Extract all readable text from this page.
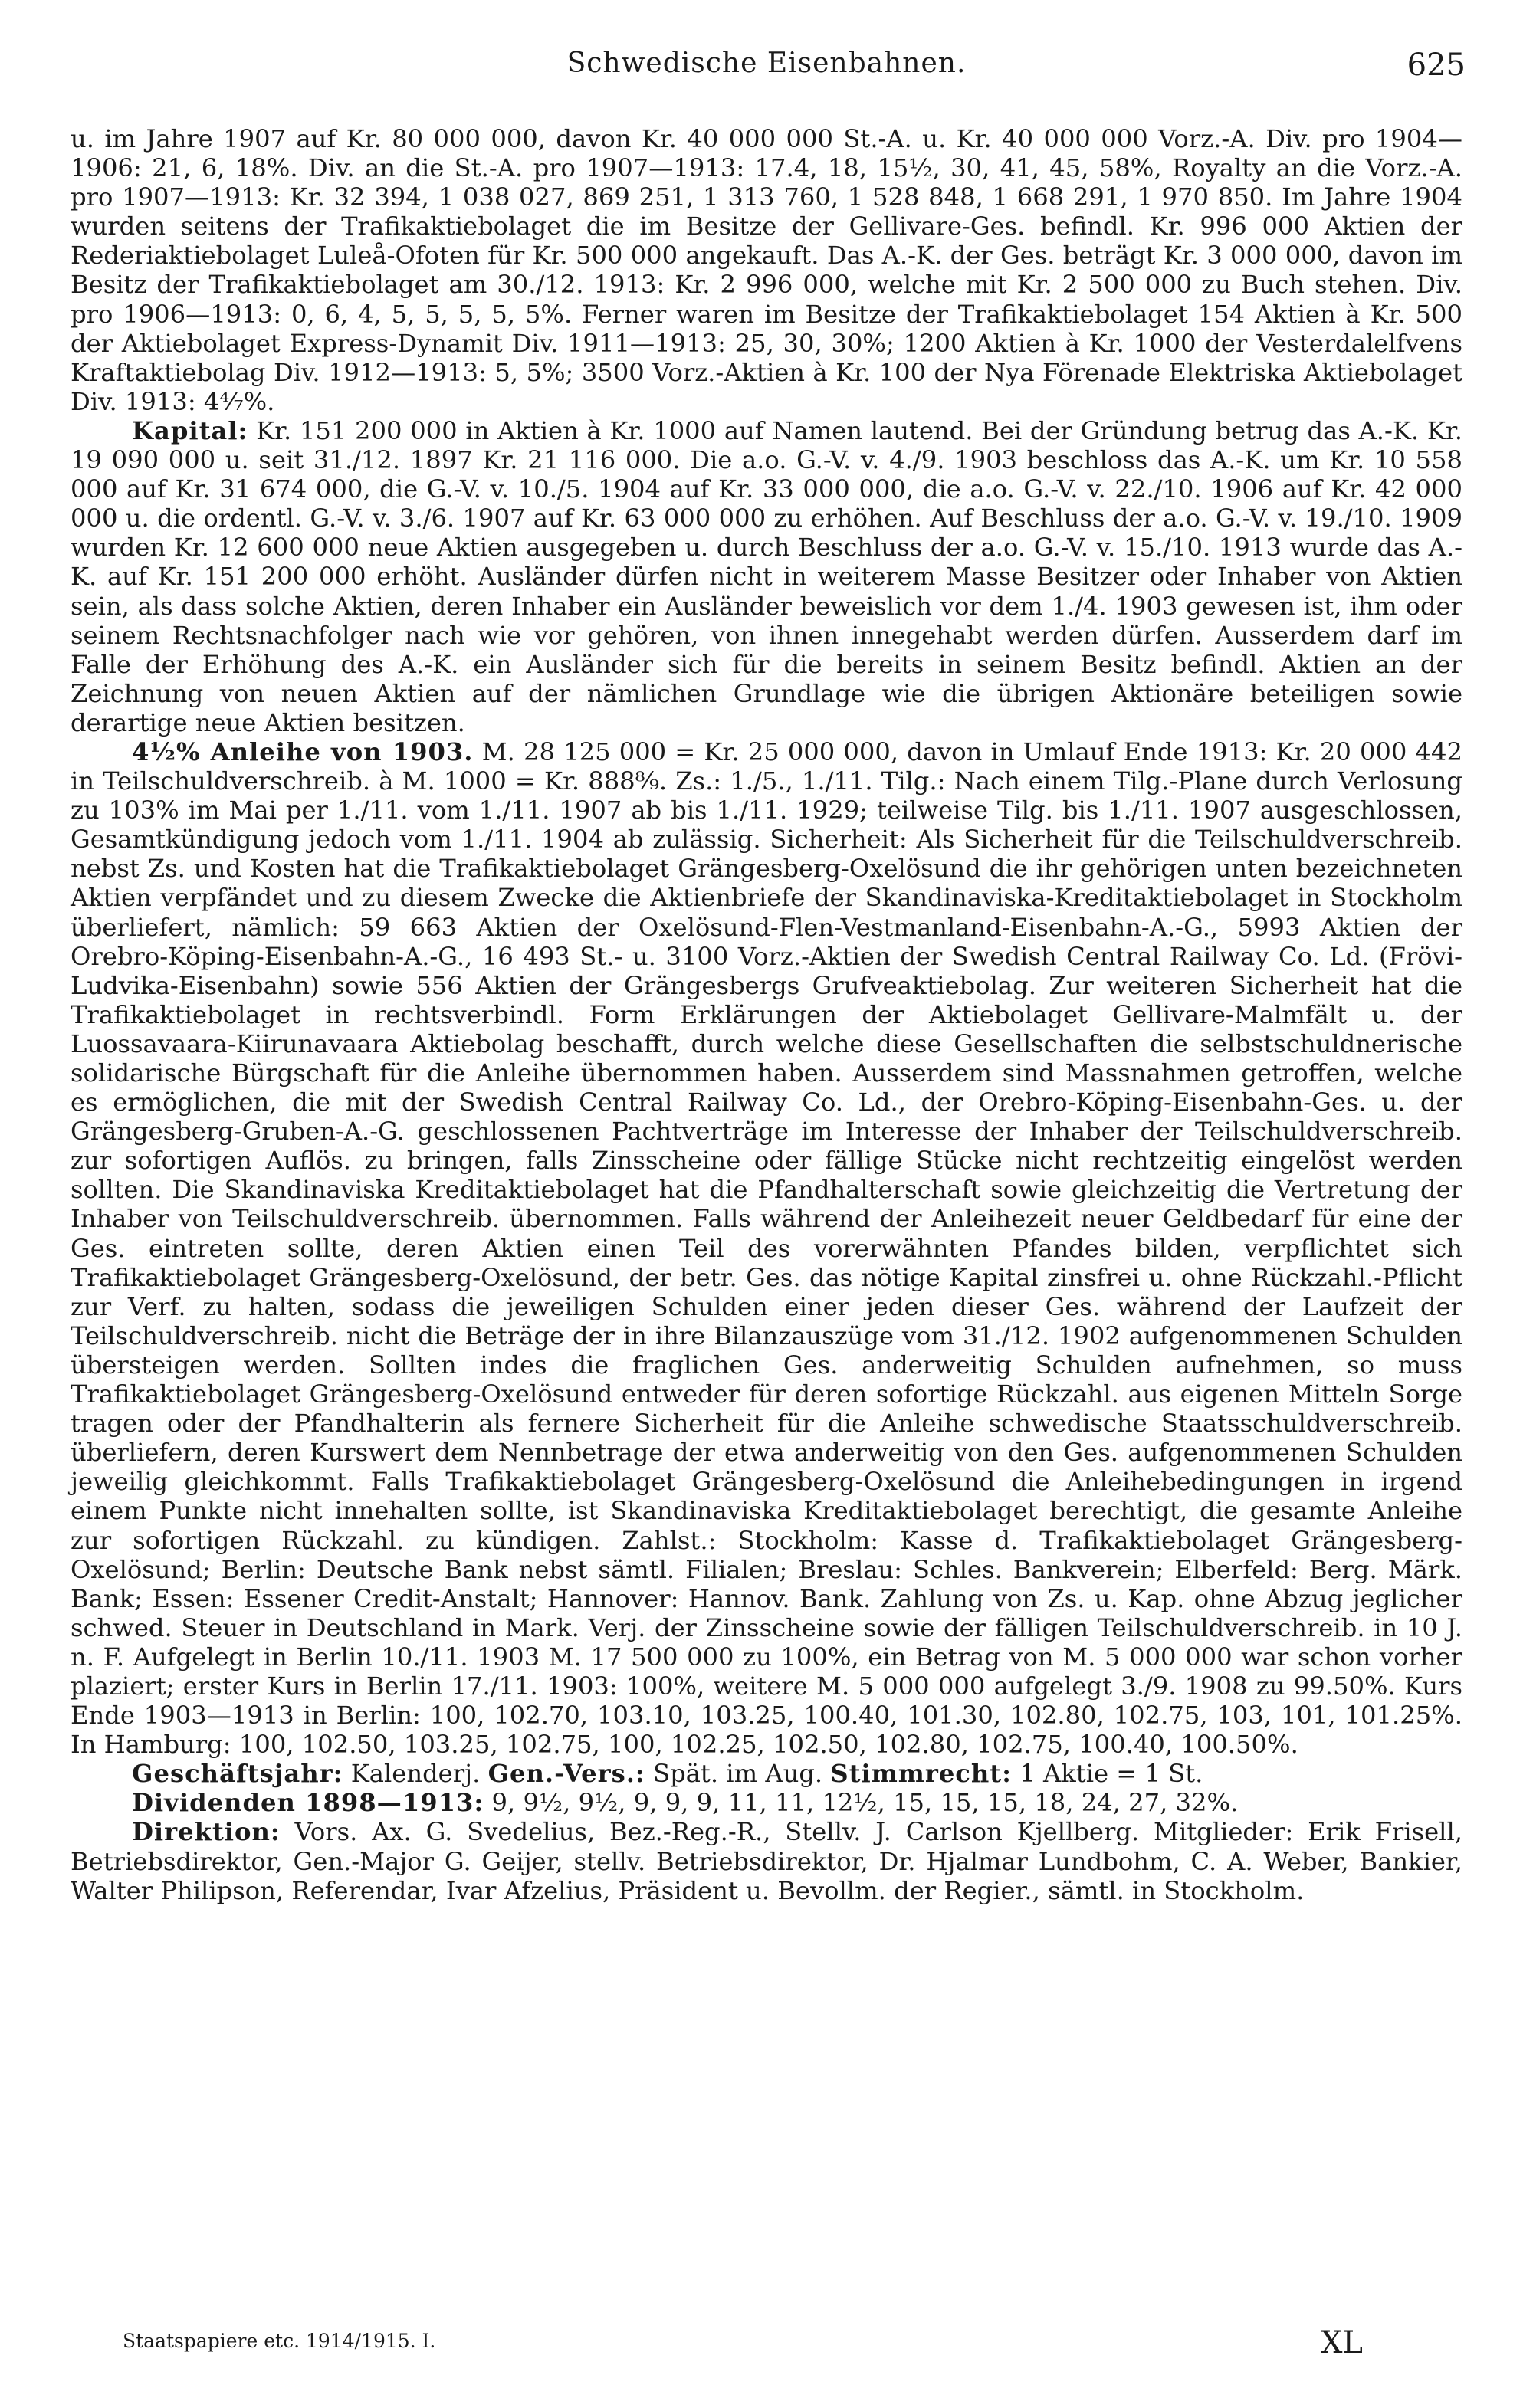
Schwedische Eisenbahnen.	625

u. im Jahre 1907 auf Kr. 80 000 000, davon Kr. 40 000 000 St.-A. u. Kr. 40 000 000 Vorz.-A. Div. pro 1904—1906: 21, 6, 18%. Div. an die St.-A. pro 1907—1913: 17.4, 18, 15½, 30, 41, 45, 58%, Royalty an die Vorz.-A. pro 1907—1913: Kr. 32 394, 1 038 027, 869 251, 1 313 760, 1 528 848, 1 668 291, 1 970 850. Im Jahre 1904 wurden seitens der Trafikaktiebolaget die im Besitze der Gellivare-Ges. befindl. Kr. 996 000 Aktien der Rederiaktiebolaget Luleå-Ofoten für Kr. 500 000 angekauft. Das A.-K. der Ges. beträgt Kr. 3 000 000, davon im Besitz der Trafikaktiebolaget am 30./12. 1913: Kr. 2 996 000, welche mit Kr. 2 500 000 zu Buch stehen. Div. pro 1906—1913: 0, 6, 4, 5, 5, 5, 5, 5%. Ferner waren im Besitze der Trafikaktiebolaget 154 Aktien à Kr. 500 der Aktiebolaget Express-Dynamit Div. 1911—1913: 25, 30, 30%; 1200 Aktien à Kr. 1000 der Vesterdalelfvens Kraftaktiebolag Div. 1912—1913: 5, 5%; 3500 Vorz.-Aktien à Kr. 100 der Nya Förenade Elektriska Aktiebolaget Div. 1913: 4⁴⁄₇%.

Kapital: Kr. 151 200 000 in Aktien à Kr. 1000 auf Namen lautend. Bei der Gründung betrug das A.-K. Kr. 19 090 000 u. seit 31./12. 1897 Kr. 21 116 000. Die a.o. G.-V. v. 4./9. 1903 beschloss das A.-K. um Kr. 10 558 000 auf Kr. 31 674 000, die G.-V. v. 10./5. 1904 auf Kr. 33 000 000, die a.o. G.-V. v. 22./10. 1906 auf Kr. 42 000 000 u. die ordentl. G.-V. v. 3./6. 1907 auf Kr. 63 000 000 zu erhöhen. Auf Beschluss der a.o. G.-V. v. 19./10. 1909 wurden Kr. 12 600 000 neue Aktien ausgegeben u. durch Beschluss der a.o. G.-V. v. 15./10. 1913 wurde das A.-K. auf Kr. 151 200 000 erhöht. Ausländer dürfen nicht in weiterem Masse Besitzer oder Inhaber von Aktien sein, als dass solche Aktien, deren Inhaber ein Ausländer beweislich vor dem 1./4. 1903 gewesen ist, ihm oder seinem Rechtsnachfolger nach wie vor gehören, von ihnen innegehabt werden dürfen. Ausserdem darf im Falle der Erhöhung des A.-K. ein Ausländer sich für die bereits in seinem Besitz befindl. Aktien an der Zeichnung von neuen Aktien auf der nämlichen Grundlage wie die übrigen Aktionäre beteiligen sowie derartige neue Aktien besitzen.

4½% Anleihe von 1903. M. 28 125 000 = Kr. 25 000 000, davon in Umlauf Ende 1913: Kr. 20 000 442 in Teilschuldverschreib. à M. 1000 = Kr. 888⁸⁄₉. Zs.: 1./5., 1./11. Tilg.: Nach einem Tilg.-Plane durch Verlosung zu 103% im Mai per 1./11. vom 1./11. 1907 ab bis 1./11. 1929; teilweise Tilg. bis 1./11. 1907 ausgeschlossen, Gesamtkündigung jedoch vom 1./11. 1904 ab zulässig. Sicherheit: Als Sicherheit für die Teilschuldverschreib. nebst Zs. und Kosten hat die Trafikaktiebolaget Grängesberg-Oxelösund die ihr gehörigen unten bezeichneten Aktien verpfändet und zu diesem Zwecke die Aktienbriefe der Skandinaviska-Kreditaktiebolaget in Stockholm überliefert, nämlich: 59 663 Aktien der Oxelösund-Flen-Vestmanland-Eisenbahn-A.-G., 5993 Aktien der Orebro-Köping-Eisenbahn-A.-G., 16 493 St.- u. 3100 Vorz.-Aktien der Swedish Central Railway Co. Ld. (Frövi-Ludvika-Eisenbahn) sowie 556 Aktien der Grängesbergs Grufveaktiebolag. Zur weiteren Sicherheit hat die Trafikaktiebolaget in rechtsverbindl. Form Erklärungen der Aktiebolaget Gellivare-Malmfält u. der Luossavaara-Kiirunavaara Aktiebolag beschafft, durch welche diese Gesellschaften die selbstschuldnerische solidarische Bürgschaft für die Anleihe übernommen haben. Ausserdem sind Massnahmen getroffen, welche es ermöglichen, die mit der Swedish Central Railway Co. Ld., der Orebro-Köping-Eisenbahn-Ges. u. der Grängesberg-Gruben-A.-G. geschlossenen Pachtverträge im Interesse der Inhaber der Teilschuldverschreib. zur sofortigen Auflös. zu bringen, falls Zinsscheine oder fällige Stücke nicht rechtzeitig eingelöst werden sollten. Die Skandinaviska Kreditaktiebolaget hat die Pfandhalterschaft sowie gleichzeitig die Vertretung der Inhaber von Teilschuldverschreib. übernommen. Falls während der Anleihezeit neuer Geldbedarf für eine der Ges. eintreten sollte, deren Aktien einen Teil des vorerwähnten Pfandes bilden, verpflichtet sich Trafikaktiebolaget Grängesberg-Oxelösund, der betr. Ges. das nötige Kapital zinsfrei u. ohne Rückzahl.-Pflicht zur Verf. zu halten, sodass die jeweiligen Schulden einer jeden dieser Ges. während der Laufzeit der Teilschuldverschreib. nicht die Beträge der in ihre Bilanzauszüge vom 31./12. 1902 aufgenommenen Schulden übersteigen werden. Sollten indes die fraglichen Ges. anderweitig Schulden aufnehmen, so muss Trafikaktiebolaget Grängesberg-Oxelösund entweder für deren sofortige Rückzahl. aus eigenen Mitteln Sorge tragen oder der Pfandhalterin als fernere Sicherheit für die Anleihe schwedische Staatsschuldverschreib. überliefern, deren Kurswert dem Nennbetrage der etwa anderweitig von den Ges. aufgenommenen Schulden jeweilig gleichkommt. Falls Trafikaktiebolaget Grängesberg-Oxelösund die Anleihebedingungen in irgend einem Punkte nicht innehalten sollte, ist Skandinaviska Kreditaktiebolaget berechtigt, die gesamte Anleihe zur sofortigen Rückzahl. zu kündigen. Zahlst.: Stockholm: Kasse d. Trafikaktiebolaget Grängesberg-Oxelösund; Berlin: Deutsche Bank nebst sämtl. Filialen; Breslau: Schles. Bankverein; Elberfeld: Berg. Märk. Bank; Essen: Essener Credit-Anstalt; Hannover: Hannov. Bank. Zahlung von Zs. u. Kap. ohne Abzug jeglicher schwed. Steuer in Deutschland in Mark. Verj. der Zinsscheine sowie der fälligen Teilschuldverschreib. in 10 J. n. F. Aufgelegt in Berlin 10./11. 1903 M. 17 500 000 zu 100%, ein Betrag von M. 5 000 000 war schon vorher plaziert; erster Kurs in Berlin 17./11. 1903: 100%, weitere M. 5 000 000 aufgelegt 3./9. 1908 zu 99.50%. Kurs Ende 1903—1913 in Berlin: 100, 102.70, 103.10, 103.25, 100.40, 101.30, 102.80, 102.75, 103, 101, 101.25%. In Hamburg: 100, 102.50, 103.25, 102.75, 100, 102.25, 102.50, 102.80, 102.75, 100.40, 100.50%.

Geschäftsjahr: Kalenderj. Gen.-Vers.: Spät. im Aug. Stimmrecht: 1 Aktie = 1 St.

Dividenden 1898—1913: 9, 9½, 9½, 9, 9, 9, 11, 11, 12½, 15, 15, 15, 18, 24, 27, 32%.

Direktion: Vors. Ax. G. Svedelius, Bez.-Reg.-R., Stellv. J. Carlson Kjellberg. Mitglieder: Erik Frisell, Betriebsdirektor, Gen.-Major G. Geijer, stellv. Betriebsdirektor, Dr. Hjalmar Lundbohm, C. A. Weber, Bankier, Walter Philipson, Referendar, Ivar Afzelius, Präsident u. Bevollm. der Regier., sämtl. in Stockholm.

Staatspapiere etc. 1914/1915. I.	XL
